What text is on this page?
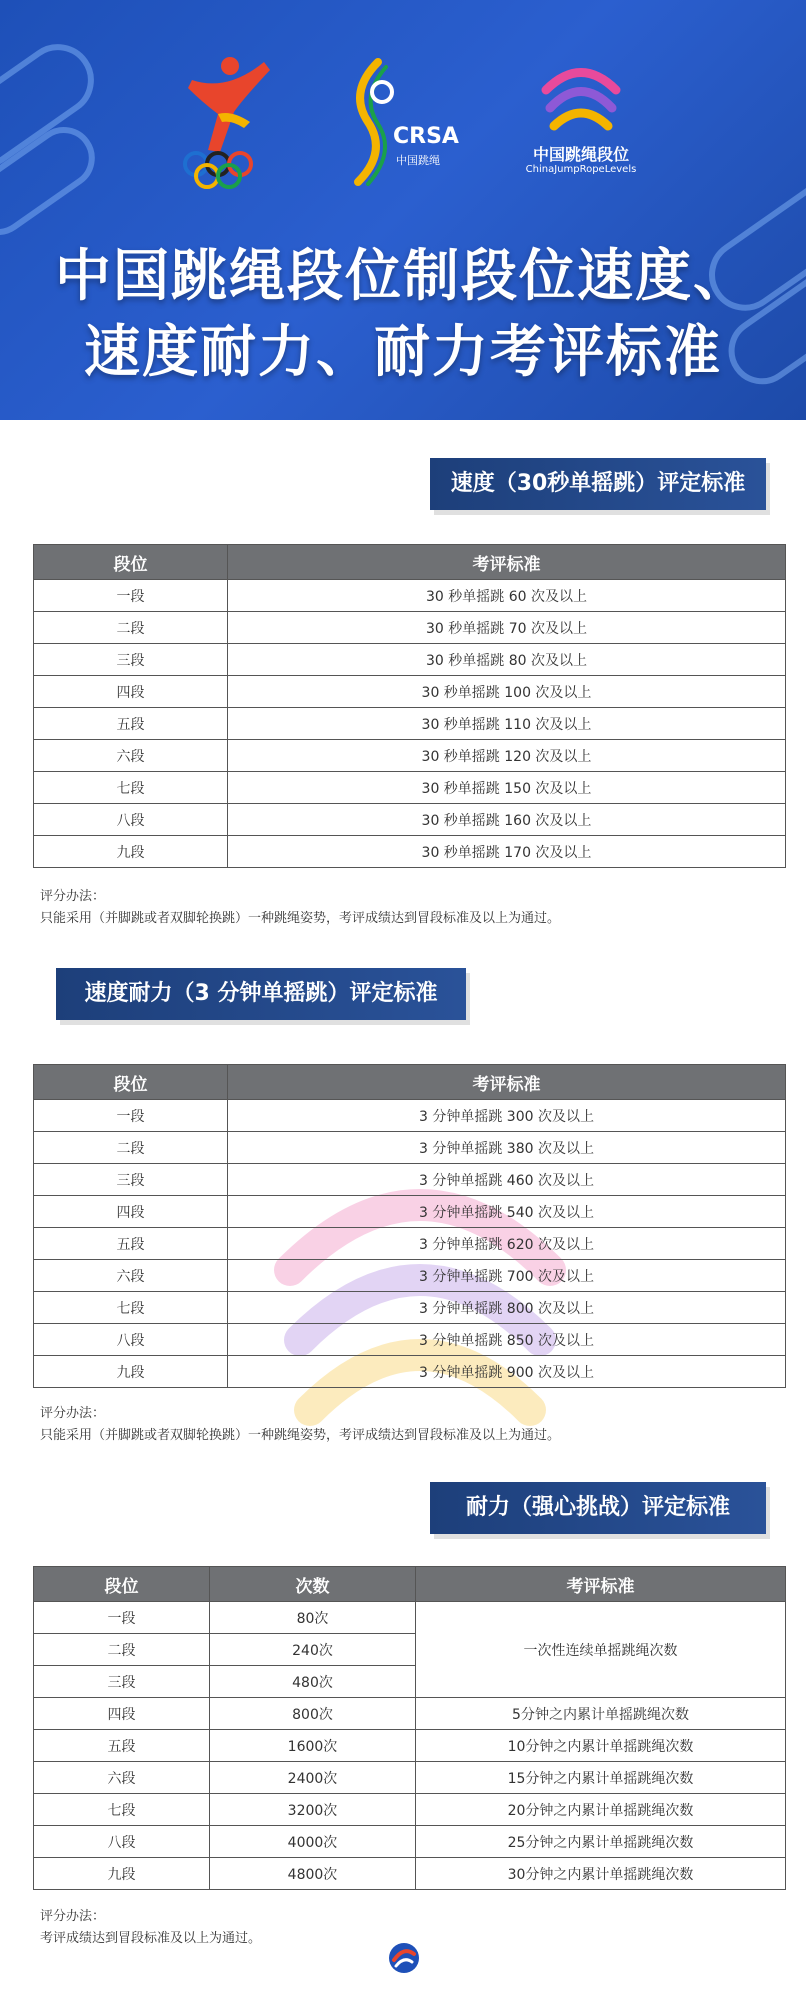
CRSA
中国跳绳	中国跳绳段位
ChinaJumpRopeLevels
中国跳绳段位制段位速度、
速度耐力、耐力考评标准
速度（30秒单摇跳）评定标准
段位	考评标准
一段	30 秒单摇跳 60 次及以上
二段	30 秒单摇跳 70 次及以上
三段	30 秒单摇跳 80 次及以上
四段	30 秒单摇跳 100 次及以上
五段	30 秒单摇跳 110 次及以上
六段	30 秒单摇跳 120 次及以上
七段	30 秒单摇跳 150 次及以上
八段	30 秒单摇跳 160 次及以上
九段	30 秒单摇跳 170 次及以上
评分办法：
只能采用（并脚跳或者双脚轮换跳）一种跳绳姿势，考评成绩达到冒段标准及以上为通过。
速度耐力（3 分钟单摇跳）评定标准
段位	考评标准
一段	3 分钟单摇跳 300 次及以上
二段	3 分钟单摇跳 380 次及以上
三段	3 分钟单摇跳 460 次及以上
四段	3 分钟单摇跳 540 次及以上
五段	3 分钟单摇跳 620 次及以上
六段	3 分钟单摇跳 700 次及以上
七段	3 分钟单摇跳 800 次及以上
八段	3 分钟单摇跳 850 次及以上
九段	3 分钟单摇跳 900 次及以上
评分办法：
只能采用（并脚跳或者双脚轮换跳）一种跳绳姿势，考评成绩达到冒段标准及以上为通过。
耐力（强心挑战）评定标准
段位	次数	考评标准
一段	80次	一次性连续单摇跳绳次数
二段	240次	
三段	480次	
四段	800次	5分钟之内累计单摇跳绳次数
五段	1600次	10分钟之内累计单摇跳绳次数
六段	2400次	15分钟之内累计单摇跳绳次数
七段	3200次	20分钟之内累计单摇跳绳次数
八段	4000次	25分钟之内累计单摇跳绳次数
九段	4800次	30分钟之内累计单摇跳绳次数
评分办法：
考评成绩达到冒段标准及以上为通过。
